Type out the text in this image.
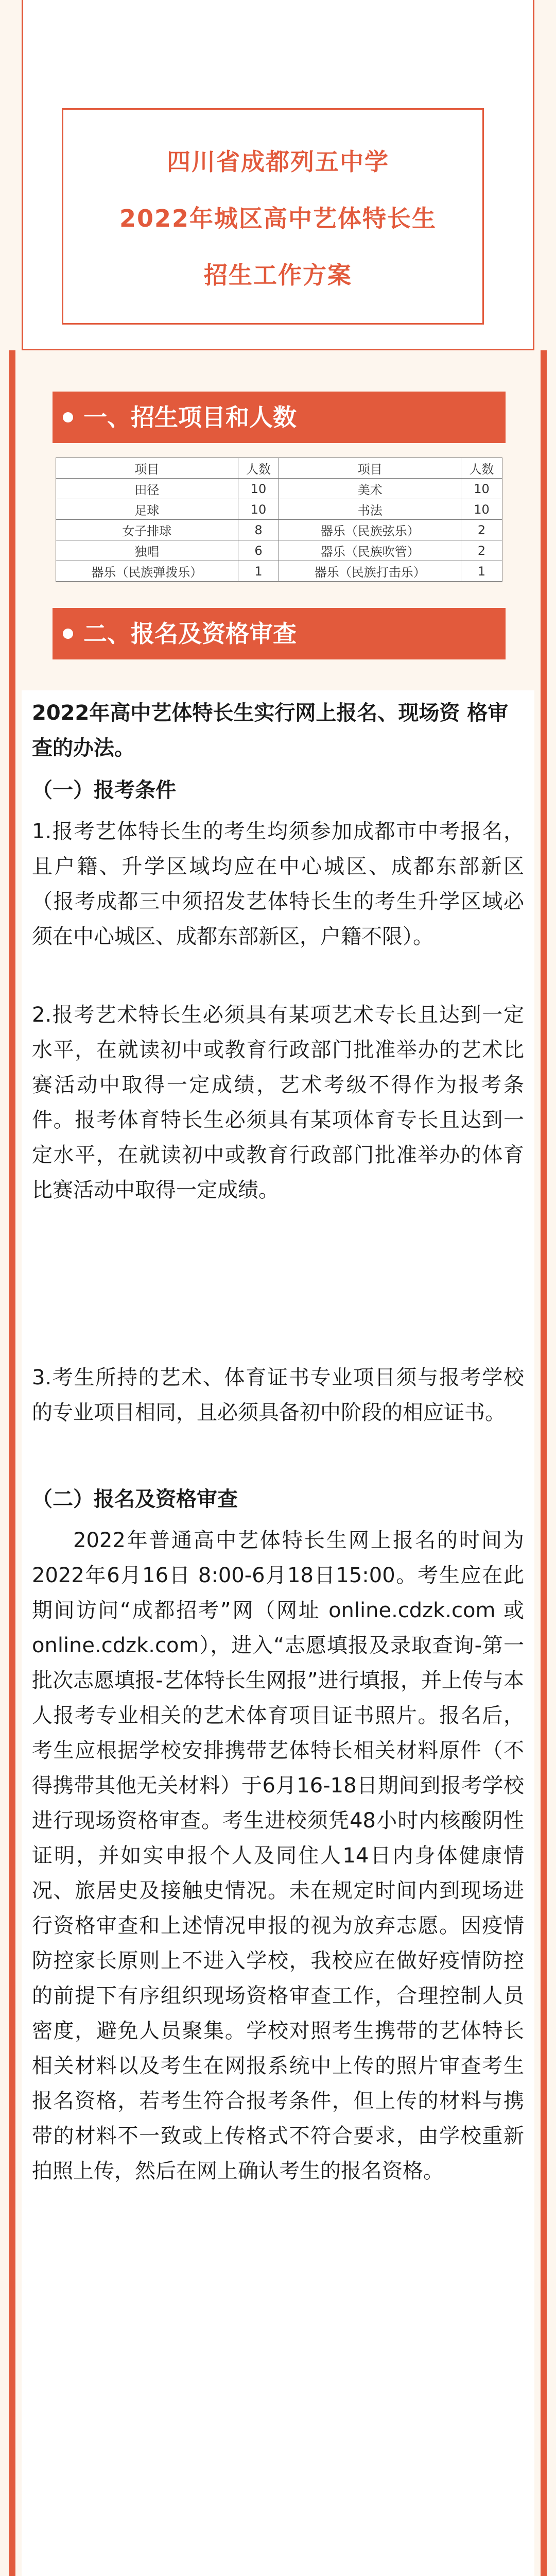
四川省成都列五中学
2022年城区高中艺体特长生
招生工作方案
一、招生项目和人数
项目	人数	项目	人数
田径	10	美术	10
足球	10	书法	10
女子排球	8	器乐（民族弦乐）	2
独唱	6	器乐（民族吹管）	2
器乐（民族弹拨乐）	1	器乐（民族打击乐）	1
二、报名及资格审查
2022年高中艺体特长生实行网上报名、现场资 格审查的办法。
（一）报考条件
1.报考艺体特长生的考生均须参加成都市中考报名，且户籍、升学区域均应在中心城区、成都东部新区（报考成都三中须招发艺体特长生的考生升学区域必须在中心城区、成都东部新区，户籍不限）。
2.报考艺术特长生必须具有某项艺术专长且达到一定水平，在就读初中或教育行政部门批准举办的艺术比赛活动中取得一定成绩，艺术考级不得作为报考条件。报考体育特长生必须具有某项体育专长且达到一定水平，在就读初中或教育行政部门批准举办的体育比赛活动中取得一定成绩。
3.考生所持的艺术、体育证书专业项目须与报考学校的专业项目相同，且必须具备初中阶段的相应证书。
（二）报名及资格审查
2022年普通高中艺体特长生网上报名的时间为2022年6月16日 8:00-6月18日15:00。考生应在此期间访问“成都招考”网（网址 online.cdzk.com 或 online.cdzk.com），进入“志愿填报及录取查询-第一批次志愿填报-艺体特长生网报”进行填报，并上传与本人报考专业相关的艺术体育项目证书照片。报名后，考生应根据学校安排携带艺体特长相关材料原件（不得携带其他无关材料）于6月16-18日期间到报考学校进行现场资格审查。考生进校须凭48小时内核酸阴性证明，并如实申报个人及同住人14日内身体健康情况、旅居史及接触史情况。未在规定时间内到现场进行资格审查和上述情况申报的视为放弃志愿。因疫情防控家长原则上不进入学校，我校应在做好疫情防控的前提下有序组织现场资格审查工作，合理控制人员密度，避免人员聚集。学校对照考生携带的艺体特长相关材料以及考生在网报系统中上传的照片审查考生报名资格，若考生符合报考条件，但上传的材料与携带的材料不一致或上传格式不符合要求，由学校重新拍照上传，然后在网上确认考生的报名资格。
